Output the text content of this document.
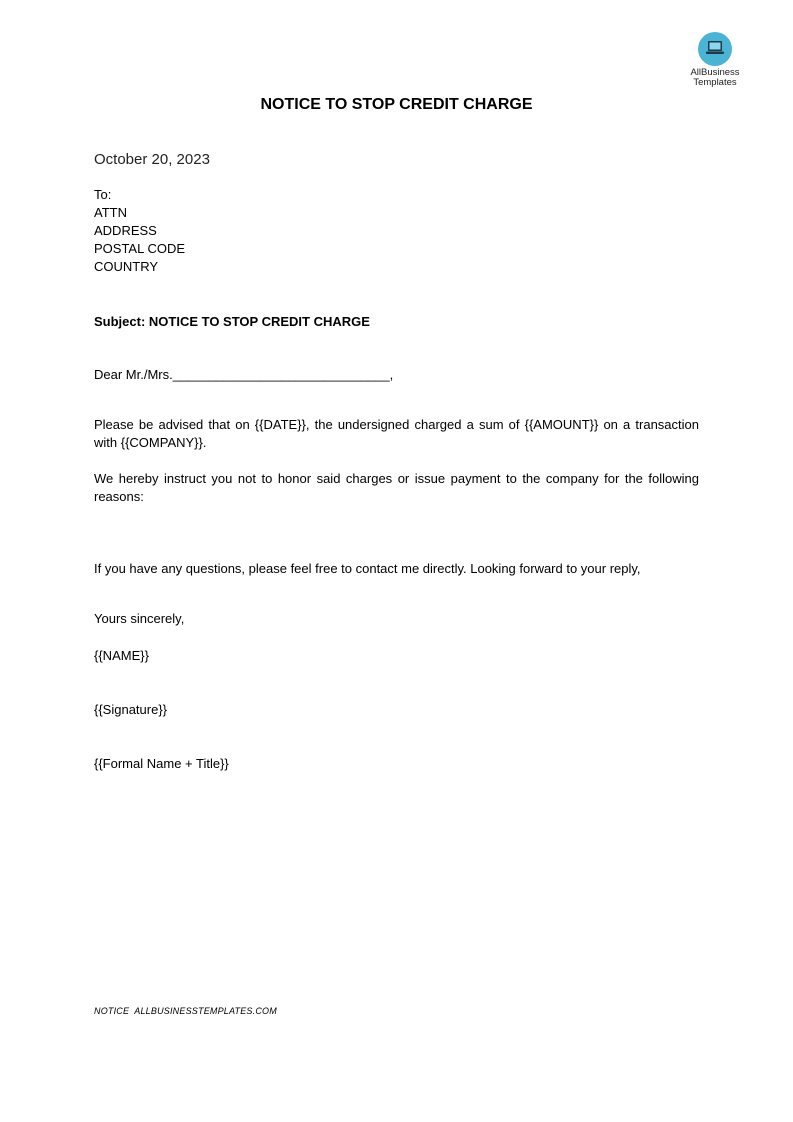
AllBusiness
Templates
NOTICE TO STOP CREDIT CHARGE
October 20, 2023
To:
ATTN
ADDRESS
POSTAL CODE
COUNTRY
Subject: NOTICE TO STOP CREDIT CHARGE
Dear Mr./Mrs.______________________________,
Please be advised that on {{DATE}}, the undersigned charged a sum of {{AMOUNT}} on a transaction with {{COMPANY}}.
We hereby instruct you not to honor said charges or issue payment to the company for the following reasons:
If you have any questions, please feel free to contact me directly. Looking forward to your reply,
Yours sincerely,
{{NAME}}
{{Signature}}
{{Formal Name + Title}}
NOTICE  ALLBUSINESSTEMPLATES.COM
